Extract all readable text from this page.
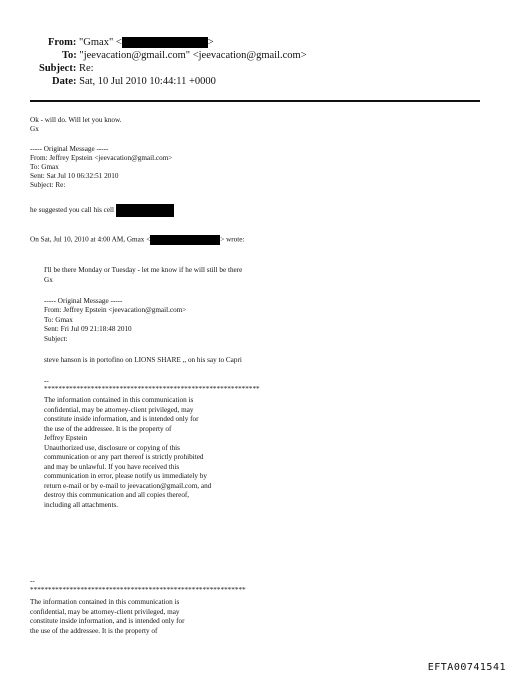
From: "Gmax" <	>
To: "jeevacation@gmail.com" <jeevacation@gmail.com>
Subject: Re:
Date: Sat, 10 Jul 2010 10:44:11 +0000
Ok - will do. Will let you know.
Gx
----- Original Message -----
From: Jeffrey Epstein <jeevacation@gmail.com>
To: Gmax
Sent: Sat Jul 10 06:32:51 2010
Subject: Re:
he suggested you call his cell
On Sat, Jul 10, 2010 at 4:00 AM, Gmax <	> wrote:
I'll be there Monday or Tuesday - let me know if he will still be there
Gx
----- Original Message -----
From: Jeffrey Epstein <jeevacation@gmail.com>
To: Gmax
Sent: Fri Jul 09 21:18:48 2010
Subject:
steve hanson is in portofino on LIONS SHARE ,, on his say to Capri
--
************************************************************
The information contained in this communication is
confidential, may be attorney-client privileged, may
constitute inside information, and is intended only for
the use of the addressee. It is the property of
Jeffrey Epstein
Unauthorized use, disclosure or copying of this
communication or any part thereof is strictly prohibited
and may be unlawful. If you have received this
communication in error, please notify us immediately by
return e-mail or by e-mail to jeevacation@gmail.com, and
destroy this communication and all copies thereof,
including all attachments.
--
************************************************************
The information contained in this communication is
confidential, may be attorney-client privileged, may
constitute inside information, and is intended only for
the use of the addressee. It is the property of
EFTA00741541
